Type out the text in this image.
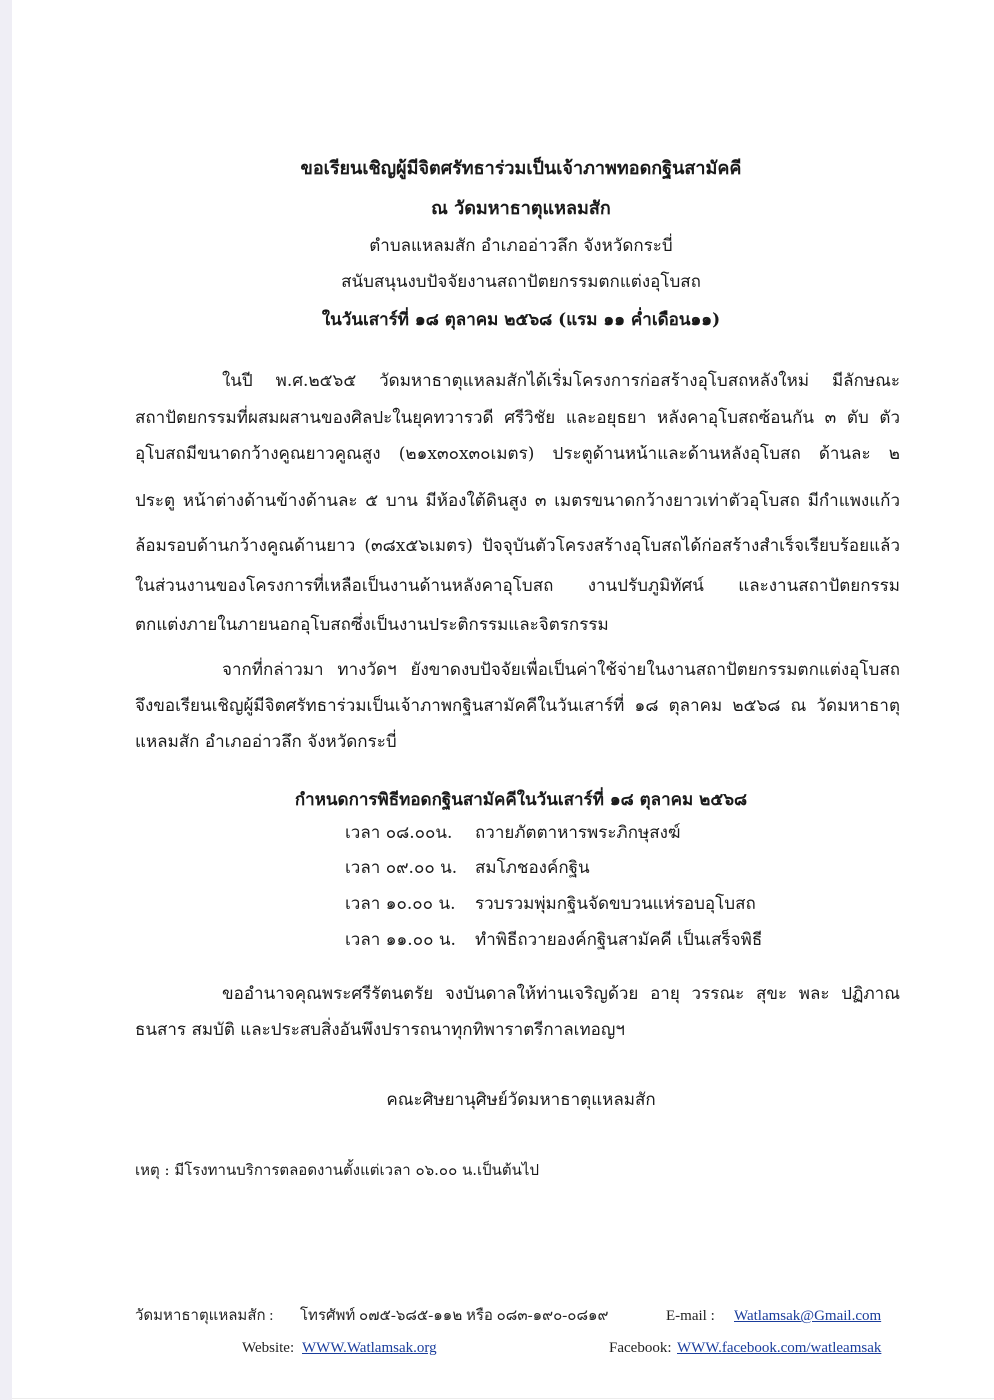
ขอเรียนเชิญผู้มีจิตศรัทธาร่วมเป็นเจ้าภาพทอดกฐินสามัคคี
ณ วัดมหาธาตุแหลมสัก
ตำบลแหลมสัก อำเภออ่าวลึก จังหวัดกระบี่
สนับสนุนงบปัจจัยงานสถาปัตยกรรมตกแต่งอุโบสถ
ในวันเสาร์ที่ ๑๘ ตุลาคม ๒๕๖๘ (แรม ๑๑ ค่ำเดือน๑๑)
ในปี พ.ศ.๒๕๖๕ วัดมหาธาตุแหลมสักได้เริ่มโครงการก่อสร้างอุโบสถหลังใหม่ มีลักษณะ
สถาปัตยกรรมที่ผสมผสานของศิลปะในยุคทวารวดี ศรีวิชัย และอยุธยา หลังคาอุโบสถซ้อนกัน ๓ ตับ ตัว
อุโบสถมีขนาดกว้างคูณยาวคูณสูง (๒๑x๓๐x๓๐เมตร) ประตูด้านหน้าและด้านหลังอุโบสถ ด้านละ ๒
ประตู หน้าต่างด้านข้างด้านละ ๕ บาน มีห้องใต้ดินสูง ๓ เมตรขนาดกว้างยาวเท่าตัวอุโบสถ มีกำแพงแก้ว
ล้อมรอบด้านกว้างคูณด้านยาว (๓๘x๕๖เมตร) ปัจจุบันตัวโครงสร้างอุโบสถได้ก่อสร้างสำเร็จเรียบร้อยแล้ว
ในส่วนงานของโครงการที่เหลือเป็นงานด้านหลังคาอุโบสถ งานปรับภูมิทัศน์ และงานสถาปัตยกรรม
ตกแต่งภายในภายนอกอุโบสถซึ่งเป็นงานประติกรรมและจิตรกรรม
จากที่กล่าวมา ทางวัดฯ ยังขาดงบปัจจัยเพื่อเป็นค่าใช้จ่ายในงานสถาปัตยกรรมตกแต่งอุโบสถ
จึงขอเรียนเชิญผู้มีจิตศรัทธาร่วมเป็นเจ้าภาพกฐินสามัคคีในวันเสาร์ที่ ๑๘ ตุลาคม ๒๕๖๘ ณ วัดมหาธาตุ
แหลมสัก อำเภออ่าวลึก จังหวัดกระบี่
กำหนดการพิธีทอดกฐินสามัคคีในวันเสาร์ที่ ๑๘ ตุลาคม ๒๕๖๘
เวลา ๐๘.๐๐น. ถวายภัตตาหารพระภิกษุสงฆ์
เวลา ๐๙.๐๐ น. สมโภชองค์กฐิน
เวลา ๑๐.๐๐ น. รวบรวมพุ่มกฐินจัดขบวนแห่รอบอุโบสถ
เวลา ๑๑.๐๐ น. ทำพิธีถวายองค์กฐินสามัคคี เป็นเสร็จพิธี
ขออำนาจคุณพระศรีรัตนตรัย จงบันดาลให้ท่านเจริญด้วย อายุ วรรณะ สุขะ พละ ปฏิภาณ
ธนสาร สมบัติ และประสบสิ่งอันพึงปรารถนาทุกทิพาราตรีกาลเทอญฯ
คณะศิษยานุศิษย์วัดมหาธาตุแหลมสัก
เหตุ : มีโรงทานบริการตลอดงานตั้งแต่เวลา ๐๖.๐๐ น.เป็นต้นไป
วัดมหาธาตุแหลมสัก : โทรศัพท์ ๐๗๕-๖๘๕-๑๑๒ หรือ ๐๘๓-๑๙๐-๐๘๑๙	E-mail : Watlamsak@Gmail.com
Website: WWW.Watlamsak.org	Facebook: WWW.facebook.com/watleamsak
